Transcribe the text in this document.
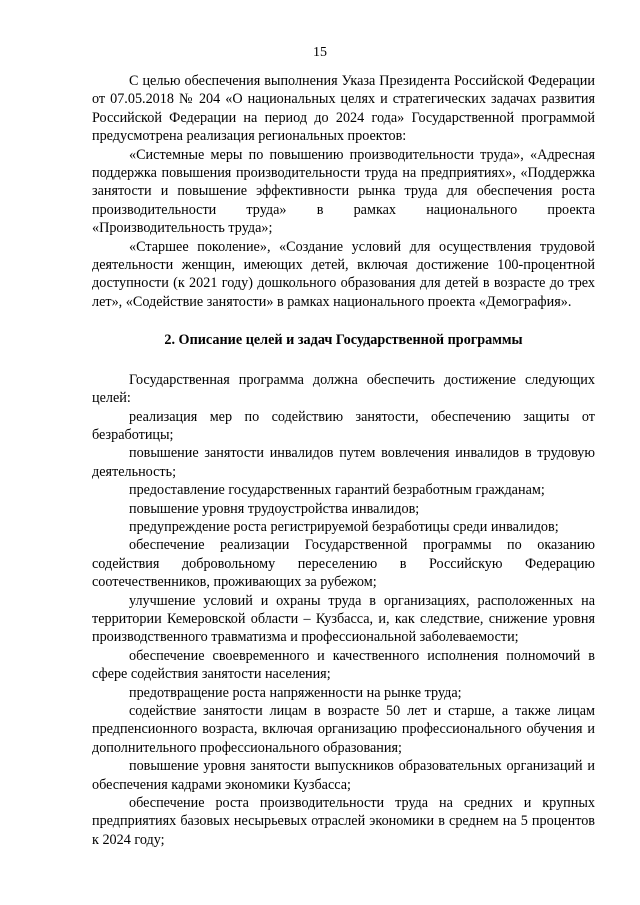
15

С целью обеспечения выполнения Указа Президента Российской Федерации от 07.05.2018 № 204 «О национальных целях и стратегических задачах развития Российской Федерации на период до 2024 года» Государственной программой предусмотрена реализация региональных проектов:

«Системные меры по повышению производительности труда», «Адресная поддержка повышения производительности труда на предприятиях», «Поддержка занятости и повышение эффективности рынка труда для обеспечения роста производительности труда» в рамках национального проекта «Производительность труда»;

«Старшее поколение», «Создание условий для осуществления трудовой деятельности женщин, имеющих детей, включая достижение 100-процентной доступности (к 2021 году) дошкольного образования для детей в возрасте до трех лет», «Содействие занятости» в рамках национального проекта «Демография».

2. Описание целей и задач Государственной программы

Государственная программа должна обеспечить достижение следующих целей:

реализация мер по содействию занятости, обеспечению защиты от безработицы;

повышение занятости инвалидов путем вовлечения инвалидов в трудовую деятельность;

предоставление государственных гарантий безработным гражданам;

повышение уровня трудоустройства инвалидов;

предупреждение роста регистрируемой безработицы среди инвалидов;

обеспечение реализации Государственной программы по оказанию содействия добровольному переселению в Российскую Федерацию соотечественников, проживающих за рубежом;

улучшение условий и охраны труда в организациях, расположенных на территории Кемеровской области – Кузбасса, и, как следствие, снижение уровня производственного травматизма и профессиональной заболеваемости;

обеспечение своевременного и качественного исполнения полномочий в сфере содействия занятости населения;

предотвращение роста напряженности на рынке труда;

содействие занятости лицам в возрасте 50 лет и старше, а также лицам предпенсионного возраста, включая организацию профессионального обучения и дополнительного профессионального образования;

повышение уровня занятости выпускников образовательных организаций и обеспечения кадрами экономики Кузбасса;

обеспечение роста производительности труда на средних и крупных предприятиях базовых несырьевых отраслей экономики в среднем на 5 процентов к 2024 году;
